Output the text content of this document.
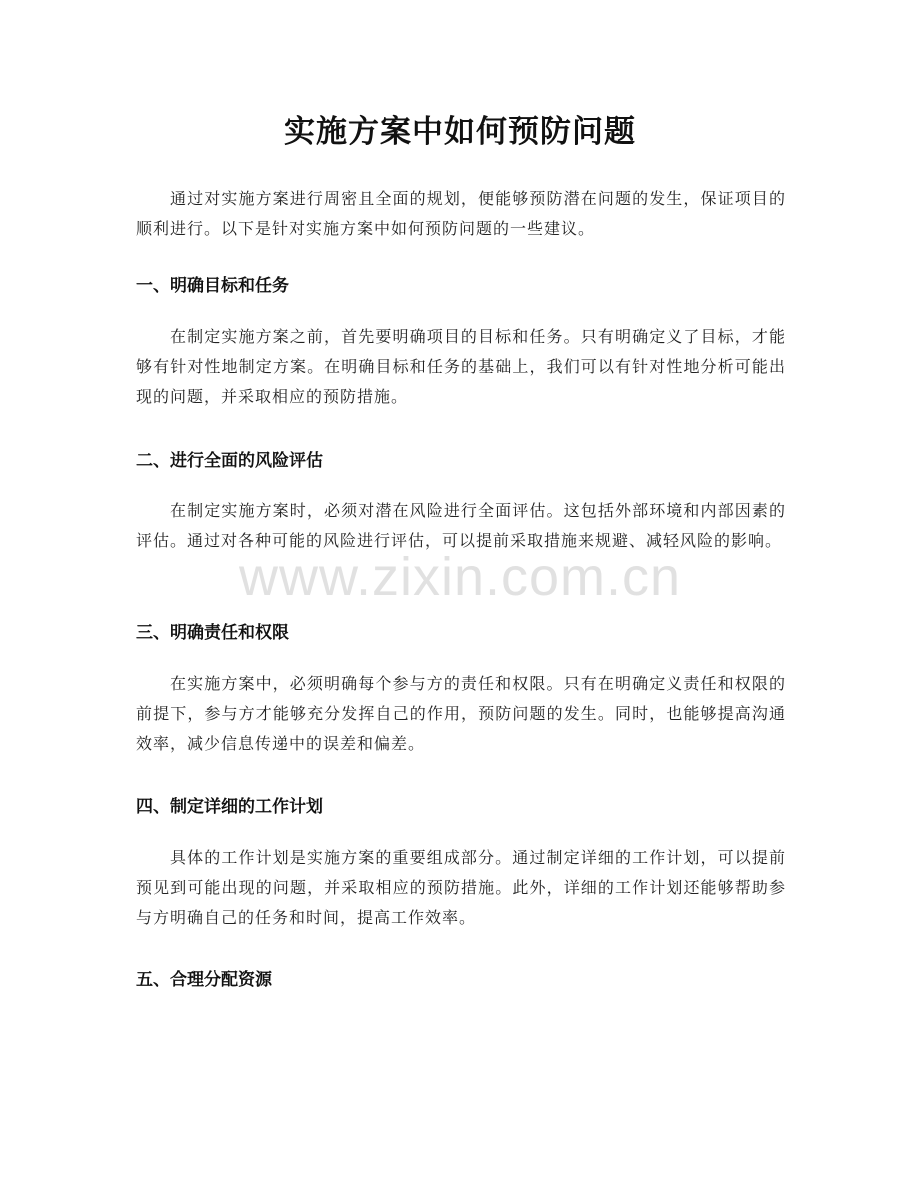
实施方案中如何预防问题
通过对实施方案进行周密且全面的规划，便能够预防潜在问题的发生，保证项目的顺利进行。以下是针对实施方案中如何预防问题的一些建议。
一、明确目标和任务
在制定实施方案之前，首先要明确项目的目标和任务。只有明确定义了目标，才能够有针对性地制定方案。在明确目标和任务的基础上，我们可以有针对性地分析可能出现的问题，并采取相应的预防措施。
二、进行全面的风险评估
在制定实施方案时，必须对潜在风险进行全面评估。这包括外部环境和内部因素的评估。通过对各种可能的风险进行评估，可以提前采取措施来规避、减轻风险的影响。
三、明确责任和权限
在实施方案中，必须明确每个参与方的责任和权限。只有在明确定义责任和权限的前提下，参与方才能够充分发挥自己的作用，预防问题的发生。同时，也能够提高沟通效率，减少信息传递中的误差和偏差。
四、制定详细的工作计划
具体的工作计划是实施方案的重要组成部分。通过制定详细的工作计划，可以提前预见到可能出现的问题，并采取相应的预防措施。此外，详细的工作计划还能够帮助参与方明确自己的任务和时间，提高工作效率。
五、合理分配资源
www.zixin.com.cn
